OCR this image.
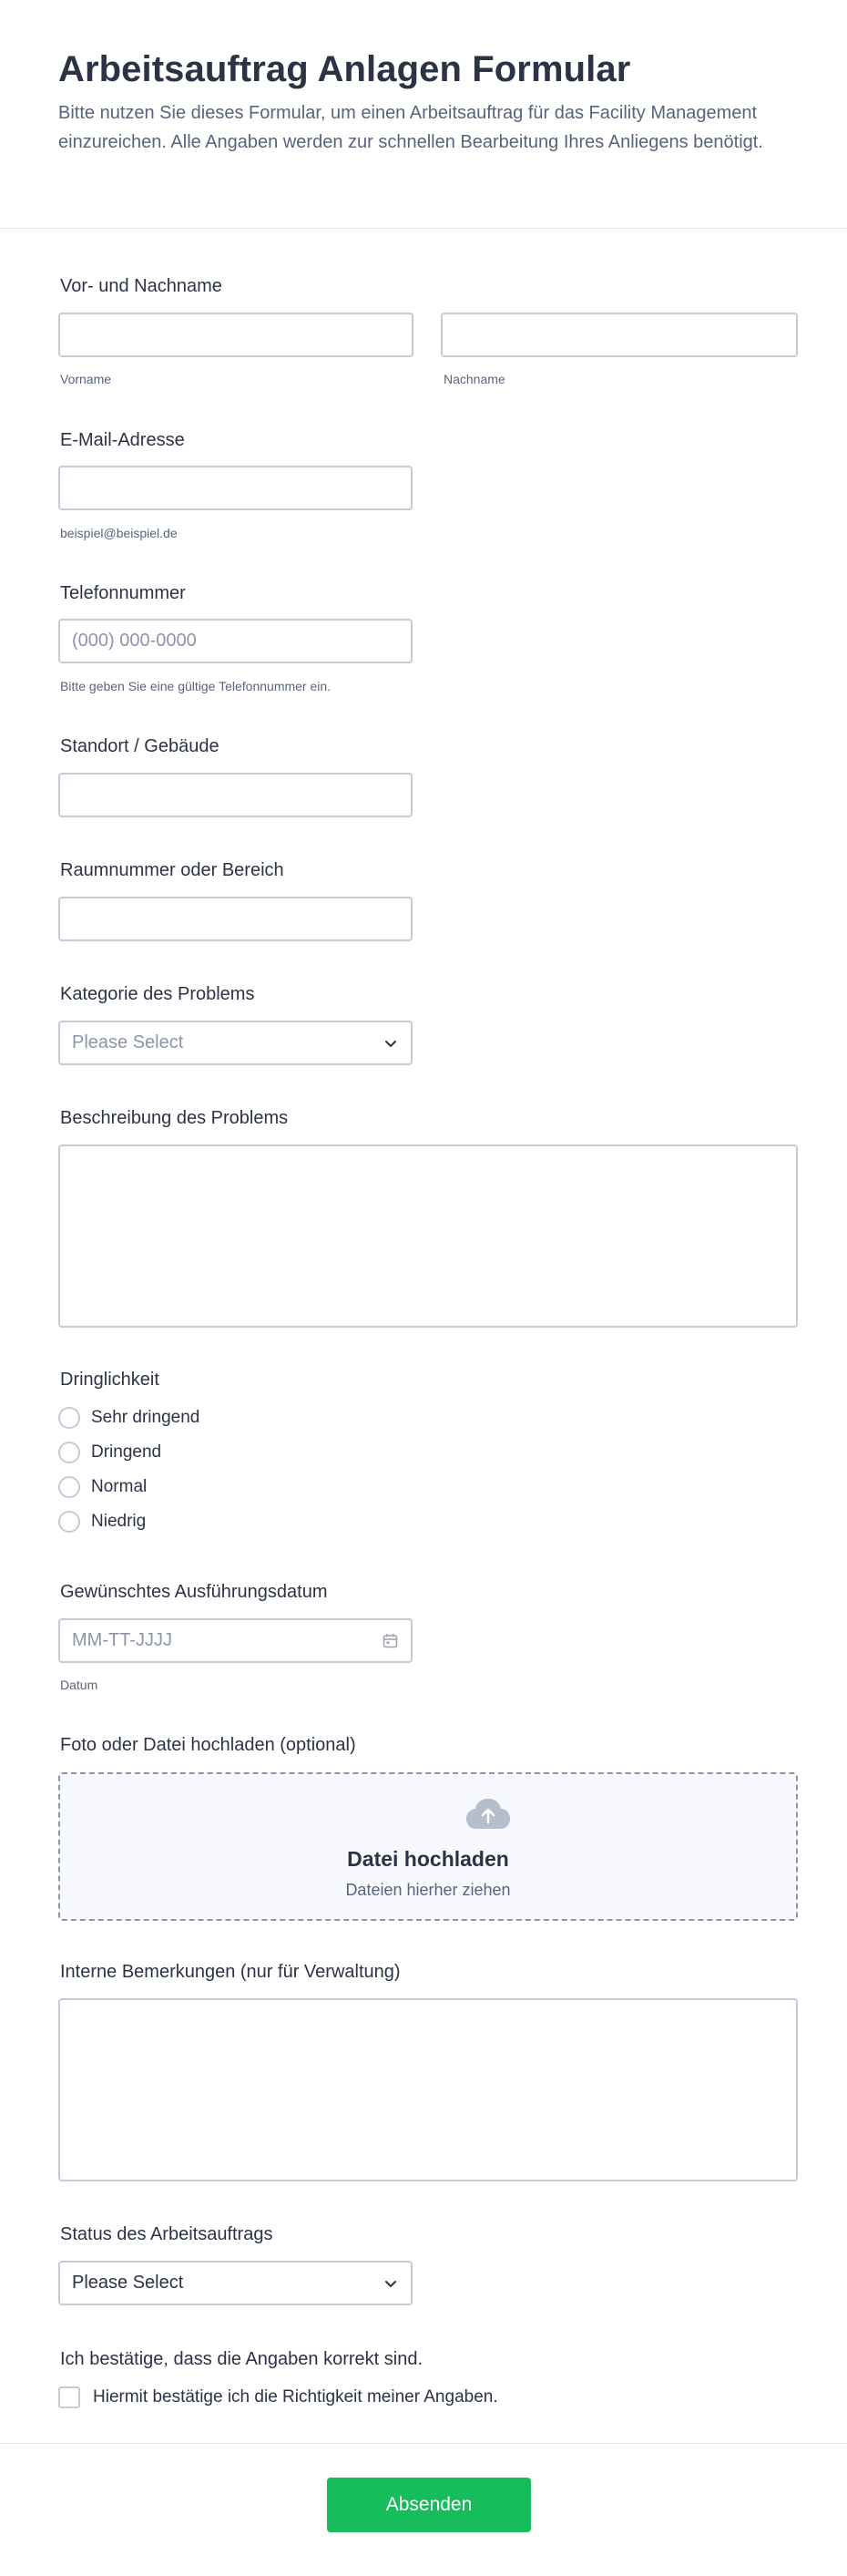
Arbeitsauftrag Anlagen Formular

Bitte nutzen Sie dieses Formular, um einen Arbeitsauftrag für das Facility Management einzureichen. Alle Angaben werden zur schnellen Bearbeitung Ihres Anliegens benötigt.

Vor- und Nachname
Vorname	Nachname
E-Mail-Adresse
beispiel@beispiel.de
Telefonnummer
(000) 000-0000
Bitte geben Sie eine gültige Telefonnummer ein.
Standort / Gebäude
Raumnummer oder Bereich
Kategorie des Problems
Please Select
Beschreibung des Problems
Dringlichkeit
Sehr dringend
Dringend
Normal
Niedrig
Gewünschtes Ausführungsdatum
MM-TT-JJJJ
Datum
Foto oder Datei hochladen (optional)
Datei hochladen
Dateien hierher ziehen
Interne Bemerkungen (nur für Verwaltung)
Status des Arbeitsauftrags
Please Select
Ich bestätige, dass die Angaben korrekt sind.
Hiermit bestätige ich die Richtigkeit meiner Angaben.
Absenden
